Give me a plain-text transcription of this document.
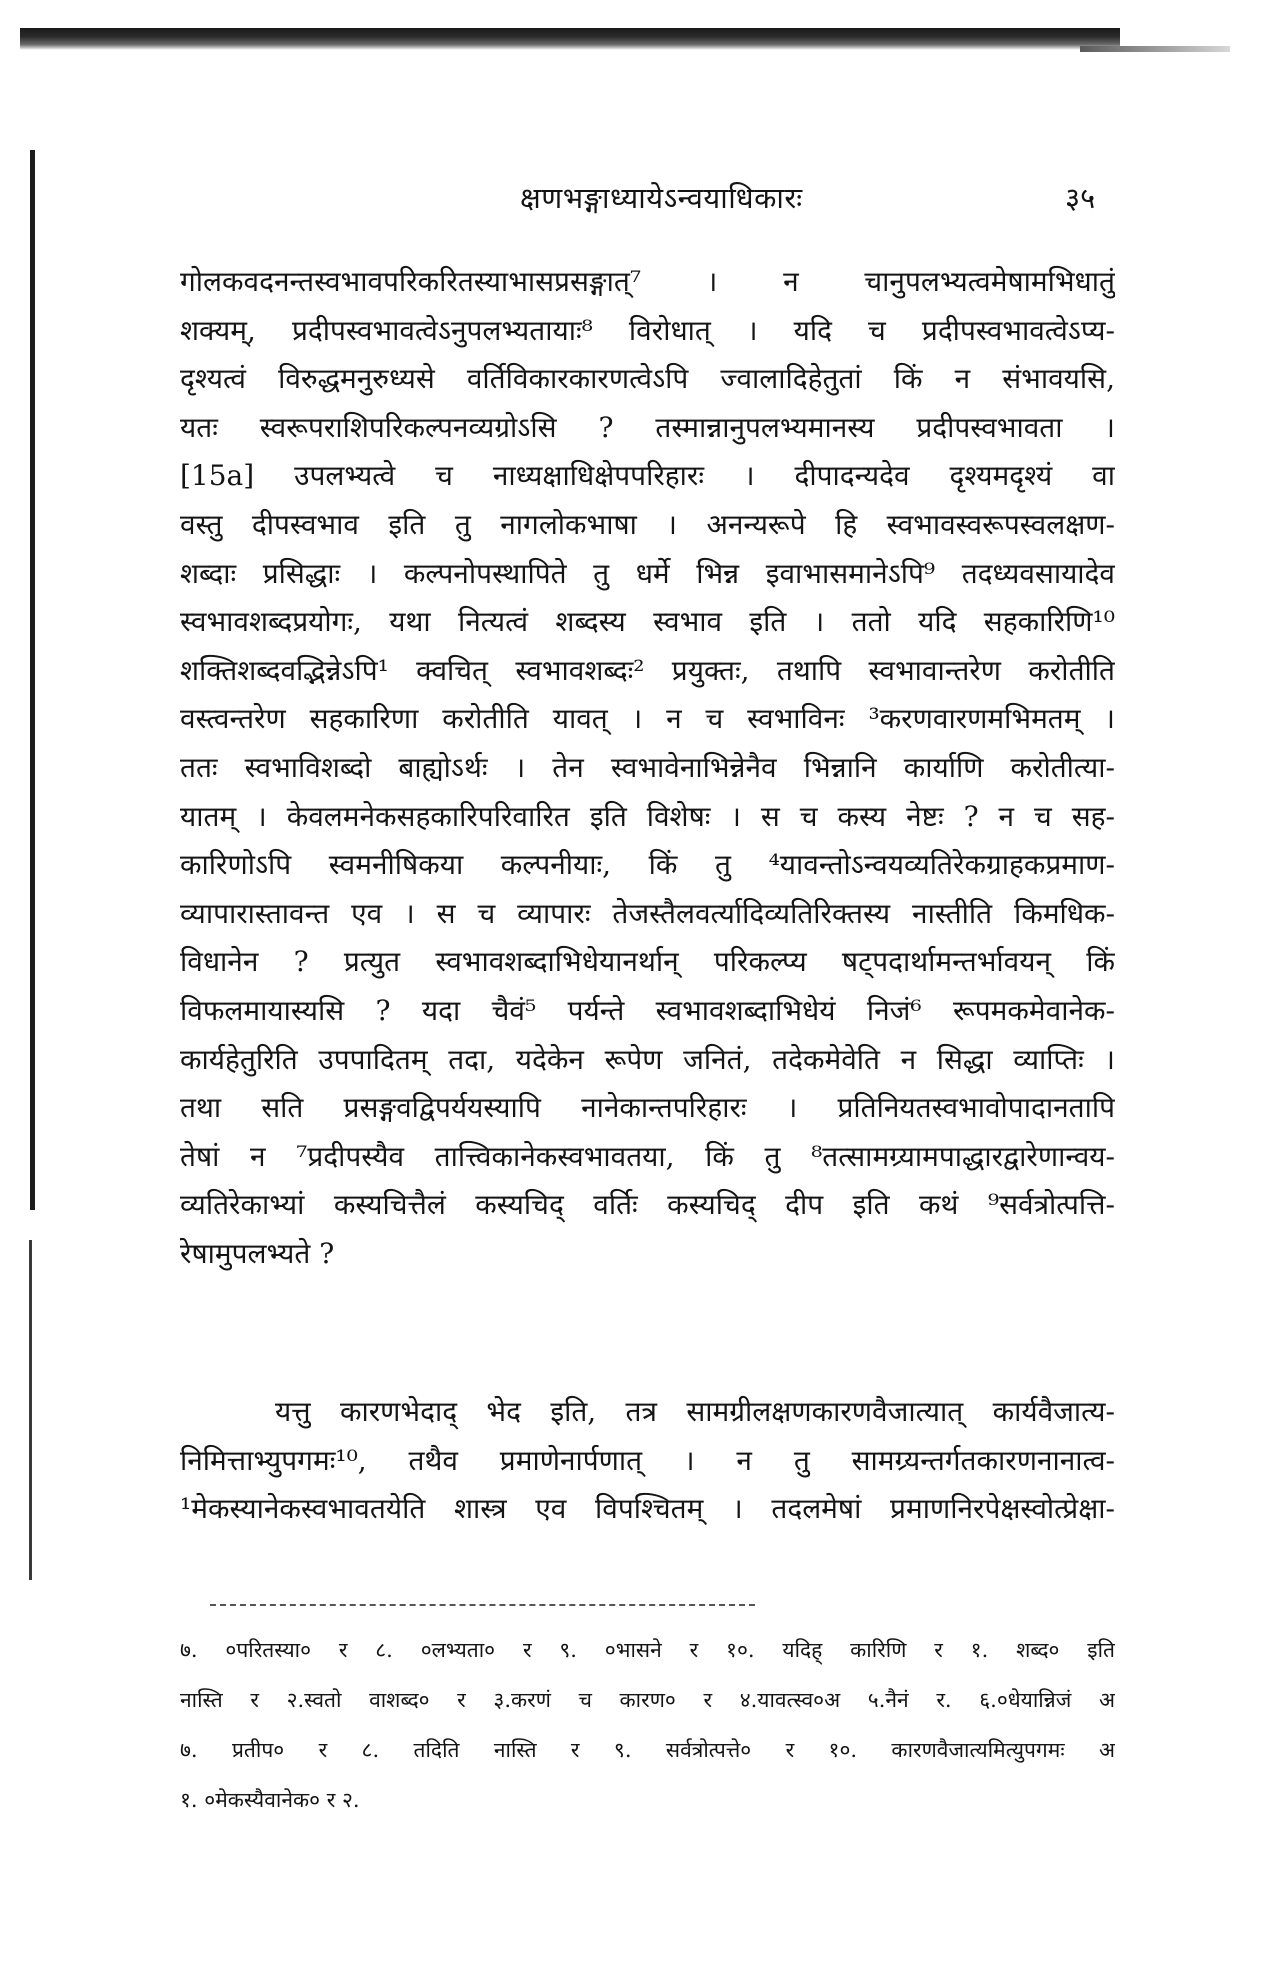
क्षणभङ्गाध्यायेऽन्वयाधिकारः	३५
गोलकवदनन्तस्वभावपरिकरितस्याभासप्रसङ्गात्⁷ । न चानुपलभ्यत्वमेषामभिधातुं
शक्यम्, प्रदीपस्वभावत्वेऽनुपलभ्यतायाः⁸ विरोधात् । यदि च प्रदीपस्वभावत्वेऽप्य-
दृश्यत्वं विरुद्धमनुरुध्यसे वर्तिविकारकारणत्वेऽपि ज्वालादिहेतुतां किं न संभावयसि,
यतः स्वरूपराशिपरिकल्पनव्यग्रोऽसि ? तस्मान्नानुपलभ्यमानस्य प्रदीपस्वभावता ।
[15a] उपलभ्यत्वे च नाध्यक्षाधिक्षेपपरिहारः । दीपादन्यदेव दृश्यमदृश्यं वा
वस्तु दीपस्वभाव इति तु नागलोकभाषा । अनन्यरूपे हि स्वभावस्वरूपस्वलक्षण-
शब्दाः प्रसिद्धाः । कल्पनोपस्थापिते तु धर्मे भिन्न इवाभासमानेऽपि⁹ तदध्यवसायादेव
स्वभावशब्दप्रयोगः, यथा नित्यत्वं शब्दस्य स्वभाव इति । ततो यदि सहकारिणि¹⁰
शक्तिशब्दवद्भिन्नेऽपि¹ क्वचित् स्वभावशब्दः² प्रयुक्तः, तथापि स्वभावान्तरेण करोतीति
वस्त्वन्तरेण सहकारिणा करोतीति यावत् । न च स्वभाविनः ³करणवारणमभिमतम् ।
ततः स्वभाविशब्दो बाह्योऽर्थः । तेन स्वभावेनाभिन्नेनैव भिन्नानि कार्याणि करोतीत्या-
यातम् । केवलमनेकसहकारिपरिवारित इति विशेषः । स च कस्य नेष्टः ? न च सह-
कारिणोऽपि स्वमनीषिकया कल्पनीयाः, किं तु ⁴यावन्तोऽन्वयव्यतिरेकग्राहकप्रमाण-
व्यापारास्तावन्त एव । स च व्यापारः तेजस्तैलवर्त्यादिव्यतिरिक्तस्य नास्तीति किमधिक-
विधानेन ? प्रत्युत स्वभावशब्दाभिधेयानर्थान् परिकल्प्य षट्पदार्थामन्तर्भावयन् किं
विफलमायास्यसि ? यदा चैवं⁵ पर्यन्ते स्वभावशब्दाभिधेयं निजं⁶ रूपमकमेवानेक-
कार्यहेतुरिति उपपादितम् तदा, यदेकेन रूपेण जनितं, तदेकमेवेति न सिद्धा व्याप्तिः ।
तथा सति प्रसङ्गवद्विपर्ययस्यापि नानेकान्तपरिहारः । प्रतिनियतस्वभावोपादानतापि
तेषां न ⁷प्रदीपस्यैव तात्त्विकानेकस्वभावतया, किं तु ⁸तत्सामग्र्यामपाद्धारद्वारेणान्वय-
व्यतिरेकाभ्यां कस्यचित्तैलं कस्यचिद् वर्तिः कस्यचिद् दीप इति कथं ⁹सर्वत्रोत्पत्ति-
रेषामुपलभ्यते ?
यत्तु कारणभेदाद् भेद इति, तत्र सामग्रीलक्षणकारणवैजात्यात् कार्यवैजात्य-
निमित्ताभ्युपगमः¹⁰, तथैव प्रमाणेनार्पणात् । न तु सामग्र्यन्तर्गतकारणनानात्व-
¹मेकस्यानेकस्वभावतयेति शास्त्र एव विपश्चितम् । तदलमेषां प्रमाणनिरपेक्षस्वोत्प्रेक्षा-
७. ०परितस्या० र ८. ०लभ्यता० र ९. ०भासने र १०. यदिह् कारिणि र १. शब्द० इति
नास्ति र २.स्वतो वाशब्द० र ३.करणं च कारण० र ४.यावत्स्व०अ ५.नैनं र. ६.०धेयान्निजं अ
७. प्रतीप० र ८. तदिति नास्ति र ९. सर्वत्रोत्पत्ते० र १०. कारणवैजात्यमित्युपगमः अ
१. ०मेकस्यैवानेक० र २.
